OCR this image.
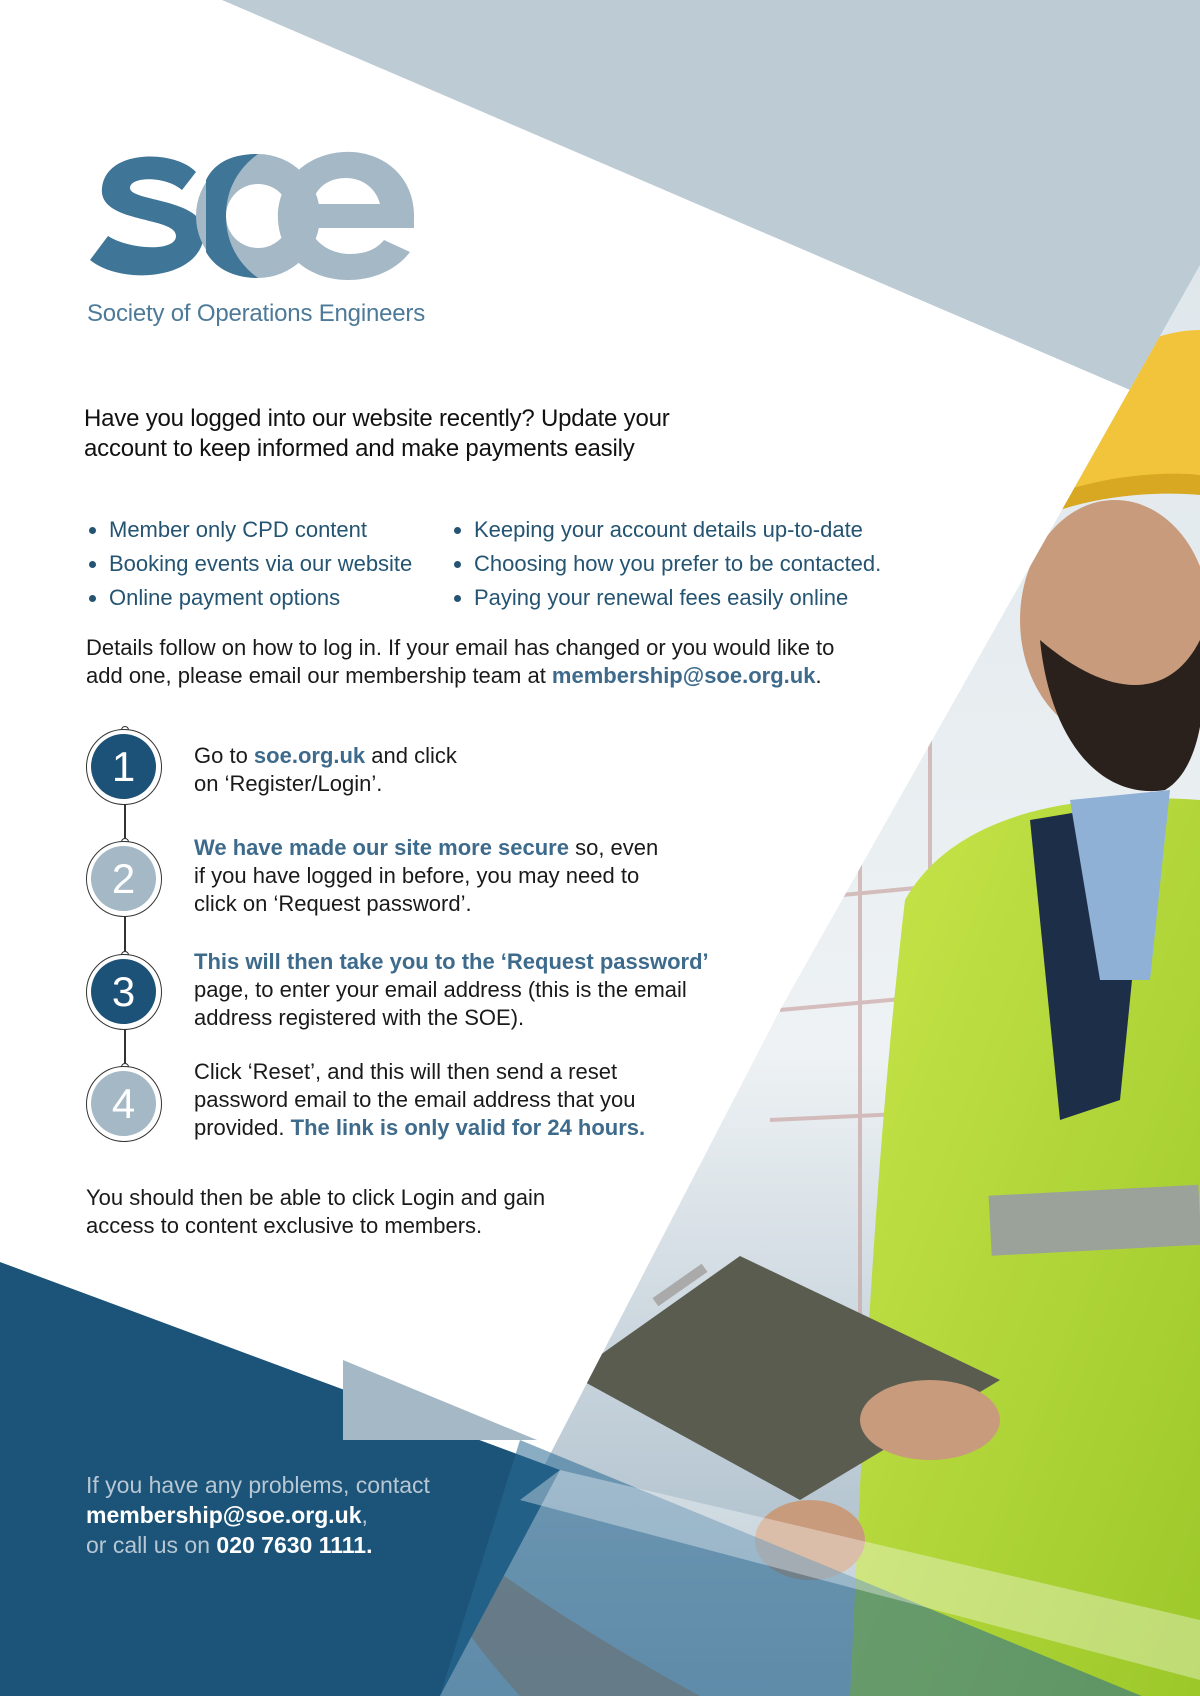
Society of Operations Engineers
Have you logged into our website recently? Update your
account to keep informed and make payments easily
Member only CPD content
Booking events via our website
Online payment options
Keeping your account details up-to-date
Choosing how you prefer to be contacted.
Paying your renewal fees easily online
Details follow on how to log in. If your email has changed or you would like to
add one, please email our membership team at membership@soe.org.uk.
1
2
3
4
Go to soe.org.uk and click
on ‘Register/Login’.
We have made our site more secure so, even
if you have logged in before, you may need to
click on ‘Request password’.
This will then take you to the ‘Request password’
page, to enter your email address (this is the email
address registered with the SOE).
Click ‘Reset’, and this will then send a reset
password email to the email address that you
provided. The link is only valid for 24 hours.
You should then be able to click Login and gain
access to content exclusive to members.
If you have any problems, contact
membership@soe.org.uk,
or call us on 020 7630 1111.
